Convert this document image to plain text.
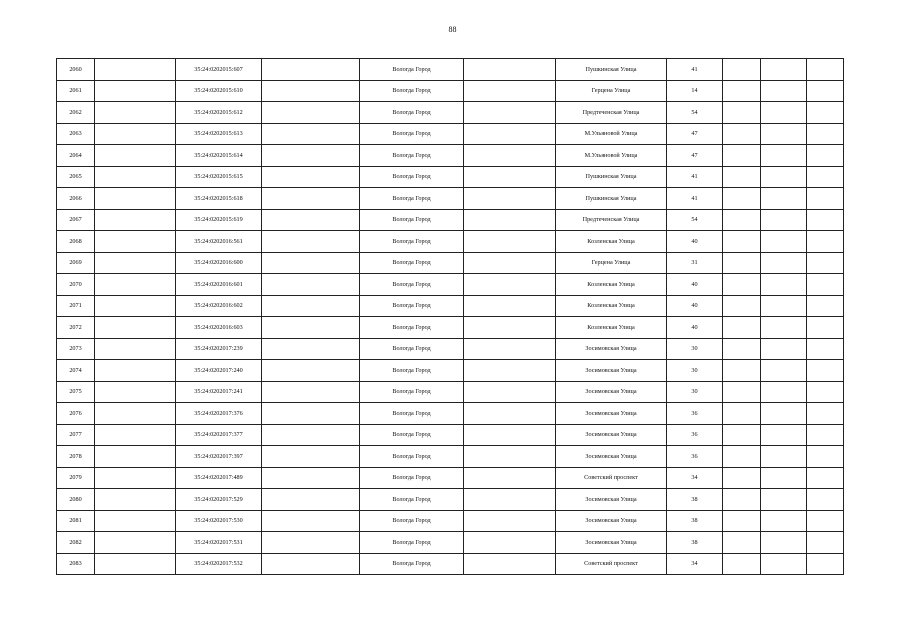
88
2060		35:24:0202015:607		Вологда Город		Пушкинская Улица	41			
2061		35:24:0202015:610		Вологда Город		Герцена Улица	14			
2062		35:24:0202015:612		Вологда Город		Предтеченская Улица	54			
2063		35:24:0202015:613		Вологда Город		М.Ульяновой Улица	47			
2064		35:24:0202015:614		Вологда Город		М.Ульяновой Улица	47			
2065		35:24:0202015:615		Вологда Город		Пушкинская Улица	41			
2066		35:24:0202015:618		Вологда Город		Пушкинская Улица	41			
2067		35:24:0202015:619		Вологда Город		Предтеченская Улица	54			
2068		35:24:0202016:561		Вологда Город		Козленская Улица	40			
2069		35:24:0202016:600		Вологда Город		Герцена Улица	31			
2070		35:24:0202016:601		Вологда Город		Козленская Улица	40			
2071		35:24:0202016:602		Вологда Город		Козленская Улица	40			
2072		35:24:0202016:603		Вологда Город		Козленская Улица	40			
2073		35:24:0202017:239		Вологда Город		Зосимовская Улица	30			
2074		35:24:0202017:240		Вологда Город		Зосимовская Улица	30			
2075		35:24:0202017:241		Вологда Город		Зосимовская Улица	30			
2076		35:24:0202017:376		Вологда Город		Зосимовская Улица	36			
2077		35:24:0202017:377		Вологда Город		Зосимовская Улица	36			
2078		35:24:0202017:397		Вологда Город		Зосимовская Улица	36			
2079		35:24:0202017:489		Вологда Город		Советский проспект	34			
2080		35:24:0202017:529		Вологда Город		Зосимовская Улица	38			
2081		35:24:0202017:530		Вологда Город		Зосимовская Улица	38			
2082		35:24:0202017:531		Вологда Город		Зосимовская Улица	38			
2083		35:24:0202017:532		Вологда Город		Советский проспект	34			
